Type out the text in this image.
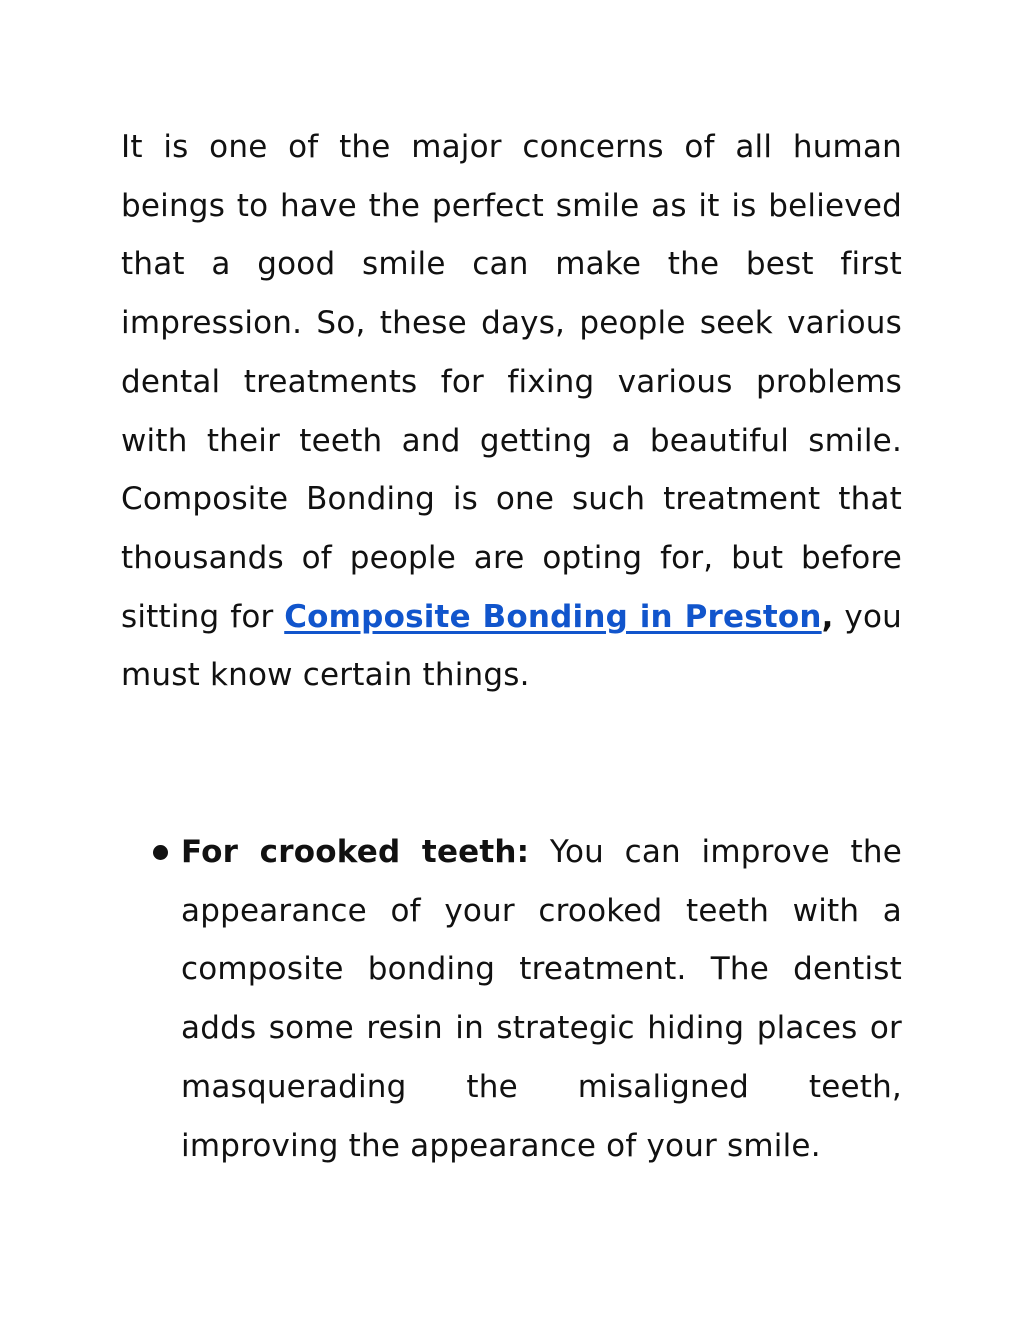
It is one of the major concerns of all human beings to have the perfect smile as it is believed that a good smile can make the best first impression. So, these days, people seek various dental treatments for fixing various problems with their teeth and getting a beautiful smile. Composite Bonding is one such treatment that thousands of people are opting for, but before sitting for Composite Bonding in Preston, you must know certain things.

For crooked teeth: You can improve the appearance of your crooked teeth with a composite bonding treatment. The dentist adds some resin in strategic hiding places or masquerading the misaligned teeth, improving the appearance of your smile.
